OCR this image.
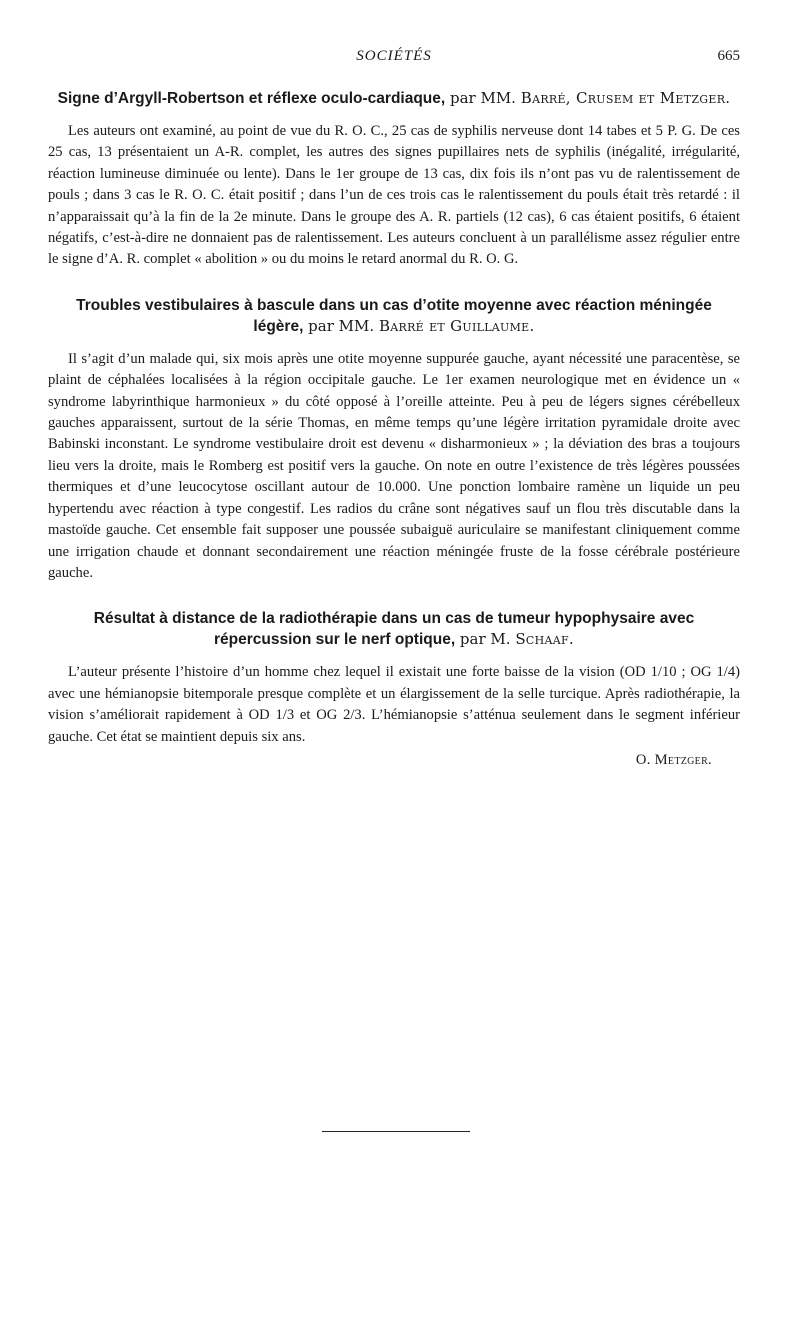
SOCIÉTÉS	665
Signe d’Argyll-Robertson et réflexe oculo-cardiaque, par MM. Barré, Crusem et Metzger.

Les auteurs ont examiné, au point de vue du R. O. C., 25 cas de syphilis nerveuse dont 14 tabes et 5 P. G. De ces 25 cas, 13 présentaient un A-R. complet, les autres des signes pupillaires nets de syphilis (inégalité, irrégularité, réaction lumineuse diminuée ou lente). Dans le 1er groupe de 13 cas, dix fois ils n’ont pas vu de ralentissement de pouls ; dans 3 cas le R. O. C. était positif ; dans l’un de ces trois cas le ralentissement du pouls était très retardé : il n’apparaissait qu’à la fin de la 2e minute. Dans le groupe des A. R. partiels (12 cas), 6 cas étaient positifs, 6 étaient négatifs, c’est-à-dire ne donnaient pas de ralentissement. Les auteurs concluent à un parallélisme assez régulier entre le signe d’A. R. complet « abolition » ou du moins le retard anormal du R. O. G.

Troubles vestibulaires à bascule dans un cas d’otite moyenne avec réaction méningée légère, par MM. Barré et Guillaume.

Il s’agit d’un malade qui, six mois après une otite moyenne suppurée gauche, ayant nécessité une paracentèse, se plaint de céphalées localisées à la région occipitale gauche. Le 1er examen neurologique met en évidence un « syndrome labyrinthique harmonieux » du côté opposé à l’oreille atteinte. Peu à peu de légers signes cérébelleux gauches apparaissent, surtout de la série Thomas, en même temps qu’une légère irritation pyramidale droite avec Babinski inconstant. Le syndrome vestibulaire droit est devenu « disharmonieux » ; la déviation des bras a toujours lieu vers la droite, mais le Romberg est positif vers la gauche. On note en outre l’existence de très légères poussées thermiques et d’une leucocytose oscillant autour de 10.000. Une ponction lombaire ramène un liquide un peu hypertendu avec réaction à type congestif. Les radios du crâne sont négatives sauf un flou très discutable dans la mastoïde gauche. Cet ensemble fait supposer une poussée subaiguë auriculaire se manifestant cliniquement comme une irrigation chaude et donnant secondairement une réaction méningée fruste de la fosse cérébrale postérieure gauche.

Résultat à distance de la radiothérapie dans un cas de tumeur hypophysaire avec répercussion sur le nerf optique, par M. Schaaf.

L’auteur présente l’histoire d’un homme chez lequel il existait une forte baisse de la vision (OD 1/10 ; OG 1/4) avec une hémianopsie bitemporale presque complète et un élargissement de la selle turcique. Après radiothérapie, la vision s’améliorait rapidement à OD 1/3 et OG 2/3. L’hémianopsie s’atténua seulement dans le segment inférieur gauche. Cet état se maintient depuis six ans.

O. Metzger.
